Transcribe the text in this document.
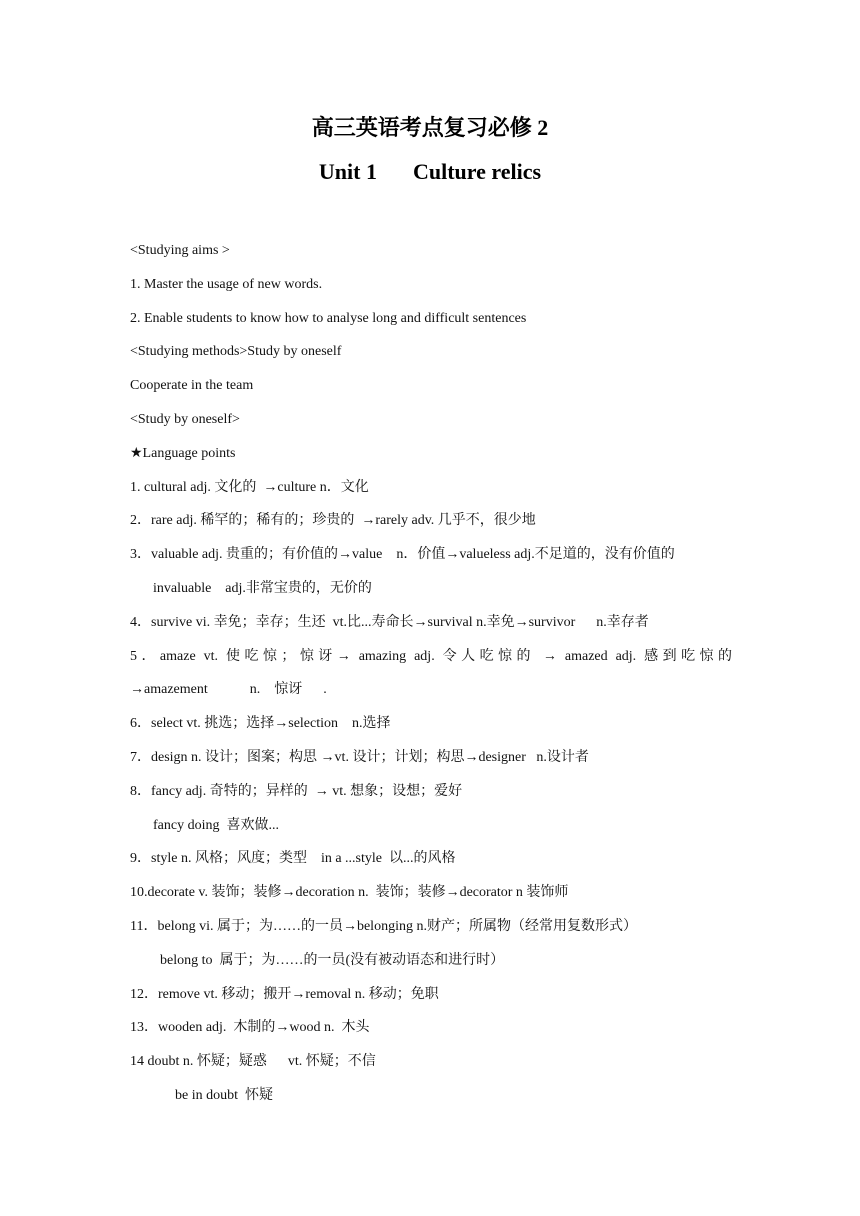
高三英语考点复习必修 2
Unit 1 Culture relics
<Studying aims >
1. Master the usage of new words.
2. Enable students to know how to analyse long and difficult sentences
<Studying methods>Study by oneself
Cooperate in the team
<Study by oneself>
★Language points
1. cultural adj. 文化的  →culture n．文化
2．rare adj. 稀罕的；稀有的；珍贵的  →rarely adv. 几乎不，很少地
3．valuable adj. 贵重的；有价值的→value    n．价值→valueless adj.不足道的，没有价值的
invaluable    adj.非常宝贵的，无价的
4．survive vi. 幸免；幸存；生还  vt.比...寿命长→survival n.幸免→survivor      n.幸存者
5．amaze vt. 使吃惊；惊讶→ amazing adj. 令人吃惊的 → amazed adj. 感到吃惊的
→amazement            n.    惊讶      .
6．select vt. 挑选；选择→selection    n.选择
7．design n. 设计；图案；构思 →vt. 设计；计划；构思→designer   n.设计者
8．fancy adj. 奇特的；异样的  → vt. 想象；设想；爱好
fancy doing  喜欢做...
9．style n. 风格；风度；类型    in a ...style  以...的风格
10.decorate v. 装饰；装修→decoration n.  装饰；装修→decorator n 装饰师
11．belong vi. 属于；为……的一员→belonging n.财产；所属物（经常用复数形式）
belong to  属于；为……的一员(没有被动语态和进行时）
12．remove vt. 移动；搬开→removal n. 移动；免职
13．wooden adj.  木制的→wood n.  木头
14 doubt n. 怀疑；疑惑      vt. 怀疑；不信
be in doubt  怀疑
